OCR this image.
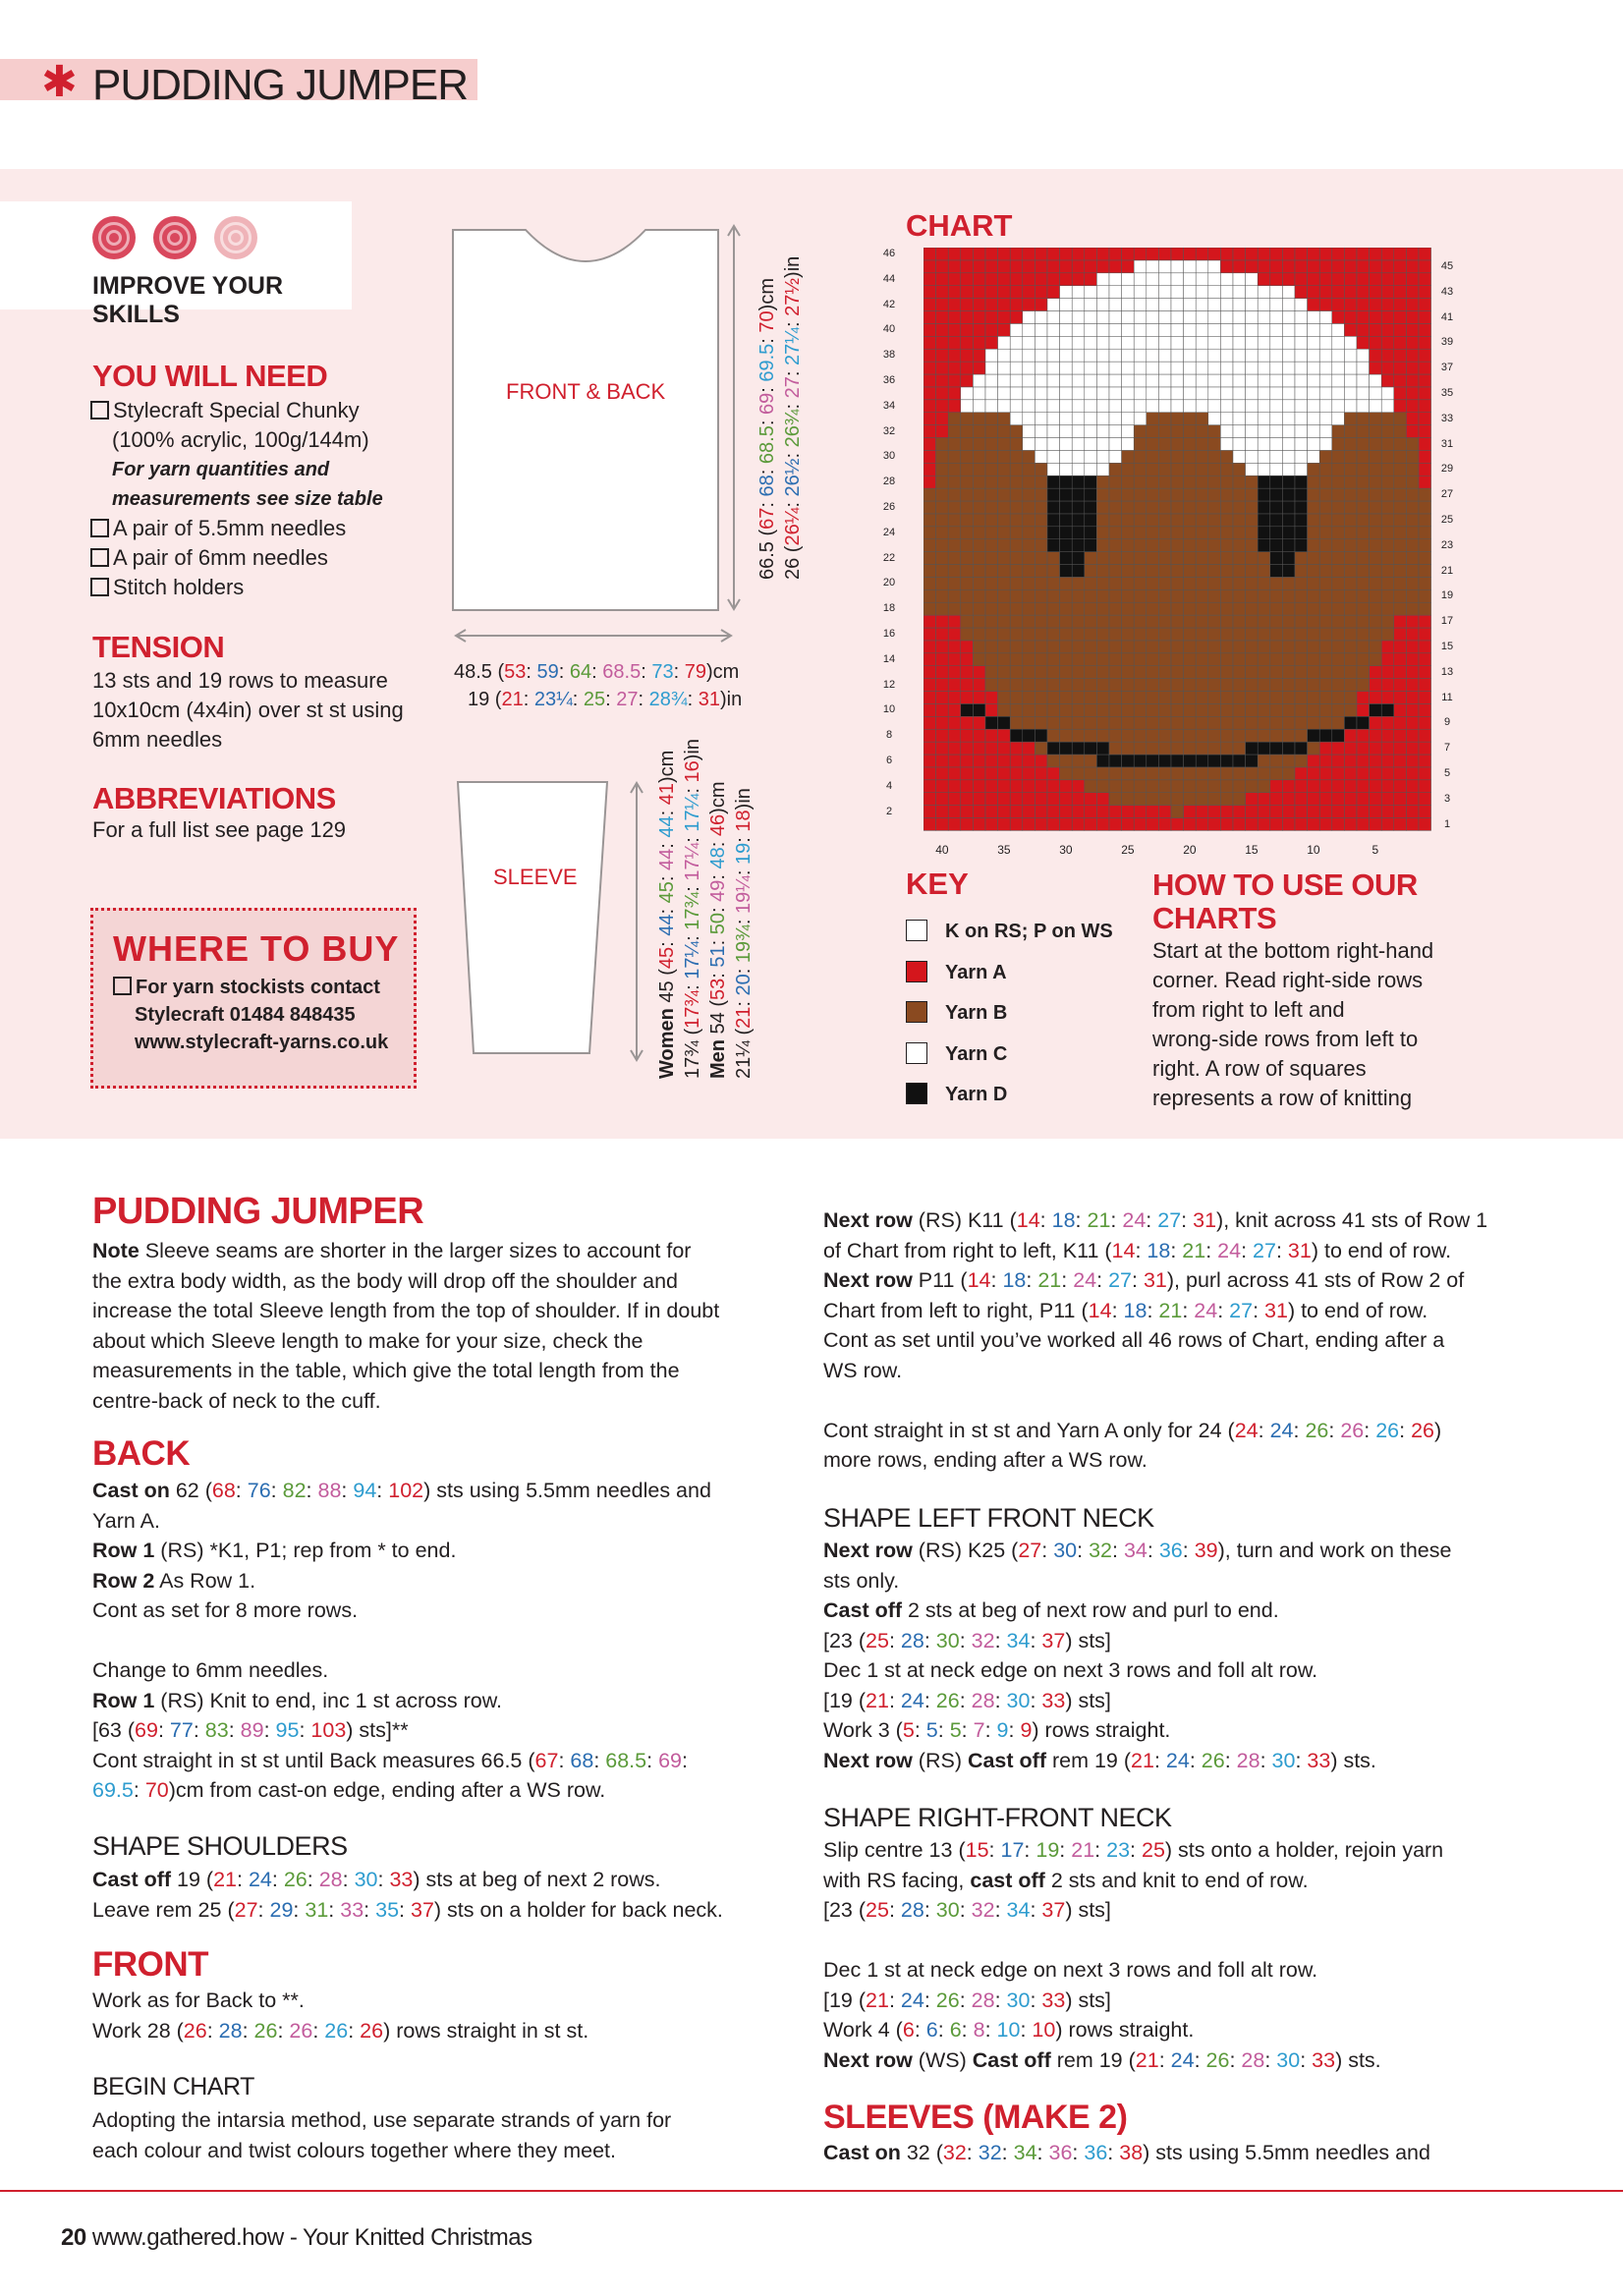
✱ PUDDING JUMPER
IMPROVE YOUR SKILLS
YOU WILL NEED
Stylecraft Special Chunky
(100% acrylic, 100g/144m)
For yarn quantities and
measurements see size table
A pair of 5.5mm needles
A pair of 6mm needles
Stitch holders
TENSION
13 sts and 19 rows to measure
10x10cm (4x4in) over st st using
6mm needles
ABBREVIATIONS
For a full list see page 129
WHERE TO BUY
For yarn stockists contact
Stylecraft 01484 848435
www.stylecraft-yarns.co.uk
FRONT & BACK
66.5 (67: 68: 68.5: 69: 69.5: 70)cm
26 (26¼: 26½: 26¾: 27: 27¼: 27½)in
48.5 (53: 59: 64: 68.5: 73: 79)cm
19 (21: 23¼: 25: 27: 28¾: 31)in
SLEEVE
Women 45 (45: 44: 45: 44: 44: 41)cm
17¾ (17¾: 17¼: 17¾: 17¼: 17¼: 16)in
Men 54 (53: 51: 50: 49: 48: 46)cm
21¼ (21: 20: 19¾: 19¼: 19: 18)in
CHART
46
44
42
40
38
36
34
32
30
28
26
24
22
20
18
16
14
12
10
8
6
4
2
45
43
41
39
37
35
33
31
29
27
25
23
21
19
17
15
13
11
9
7
5
3
1
40	35	30	25	20	15	10	5
KEY
K on RS; P on WS
Yarn A
Yarn B
Yarn C
Yarn D
HOW TO USE OUR
CHARTS
Start at the bottom right-hand
corner. Read right-side rows
from right to left and
wrong-side rows from left to
right. A row of squares
represents a row of knitting
PUDDING JUMPER
Note Sleeve seams are shorter in the larger sizes to account for
the extra body width, as the body will drop off the shoulder and
increase the total Sleeve length from the top of shoulder. If in doubt
about which Sleeve length to make for your size, check the
measurements in the table, which give the total length from the
centre-back of neck to the cuff.
BACK
Cast on 62 (68: 76: 82: 88: 94: 102) sts using 5.5mm needles and
Yarn A.
Row 1 (RS) *K1, P1; rep from * to end.
Row 2 As Row 1.
Cont as set for 8 more rows.

Change to 6mm needles.
Row 1 (RS) Knit to end, inc 1 st across row.
[63 (69: 77: 83: 89: 95: 103) sts]**
Cont straight in st st until Back measures 66.5 (67: 68: 68.5: 69:
69.5: 70)cm from cast-on edge, ending after a WS row.
SHAPE SHOULDERS
Cast off 19 (21: 24: 26: 28: 30: 33) sts at beg of next 2 rows.
Leave rem 25 (27: 29: 31: 33: 35: 37) sts on a holder for back neck.
FRONT
Work as for Back to **.
Work 28 (26: 28: 26: 26: 26: 26) rows straight in st st.
BEGIN CHART
Adopting the intarsia method, use separate strands of yarn for
each colour and twist colours together where they meet.
Next row (RS) K11 (14: 18: 21: 24: 27: 31), knit across 41 sts of Row 1
of Chart from right to left, K11 (14: 18: 21: 24: 27: 31) to end of row.
Next row P11 (14: 18: 21: 24: 27: 31), purl across 41 sts of Row 2 of
Chart from left to right, P11 (14: 18: 21: 24: 27: 31) to end of row.
Cont as set until you’ve worked all 46 rows of Chart, ending after a
WS row.

Cont straight in st st and Yarn A only for 24 (24: 24: 26: 26: 26: 26)
more rows, ending after a WS row.
SHAPE LEFT FRONT NECK
Next row (RS) K25 (27: 30: 32: 34: 36: 39), turn and work on these
sts only.
Cast off 2 sts at beg of next row and purl to end.
[23 (25: 28: 30: 32: 34: 37) sts]
Dec 1 st at neck edge on next 3 rows and foll alt row.
[19 (21: 24: 26: 28: 30: 33) sts]
Work 3 (5: 5: 5: 7: 9: 9) rows straight.
Next row (RS) Cast off rem 19 (21: 24: 26: 28: 30: 33) sts.
SHAPE RIGHT-FRONT NECK
Slip centre 13 (15: 17: 19: 21: 23: 25) sts onto a holder, rejoin yarn
with RS facing, cast off 2 sts and knit to end of row.
[23 (25: 28: 30: 32: 34: 37) sts]

Dec 1 st at neck edge on next 3 rows and foll alt row.
[19 (21: 24: 26: 28: 30: 33) sts]
Work 4 (6: 6: 6: 8: 10: 10) rows straight.
Next row (WS) Cast off rem 19 (21: 24: 26: 28: 30: 33) sts.
SLEEVES (MAKE 2)
Cast on 32 (32: 32: 34: 36: 36: 38) sts using 5.5mm needles and
20 www.gathered.how - Your Knitted Christmas
